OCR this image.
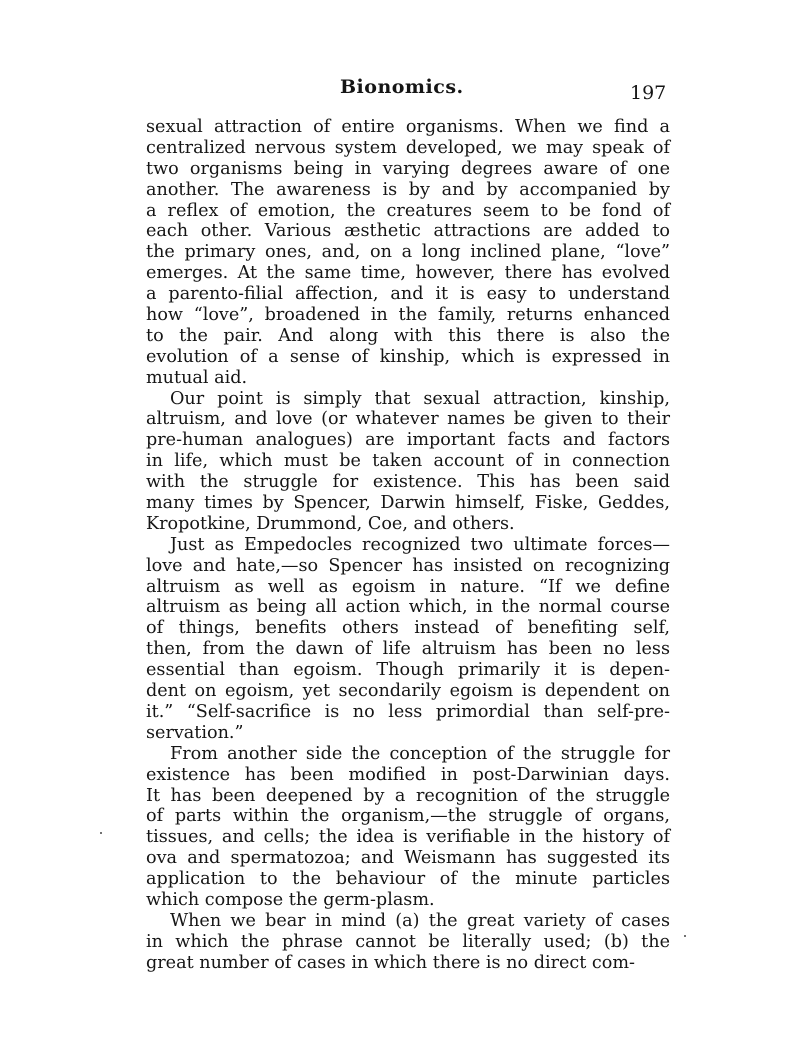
Bionomics.	197
sexual attraction of entire organisms. When we find a
centralized nervous system developed, we may speak of
two organisms being in varying degrees aware of one
another. The awareness is by and by accompanied by
a reflex of emotion, the creatures seem to be fond of
each other. Various æsthetic attractions are added to
the primary ones, and, on a long inclined plane, “love”
emerges. At the same time, however, there has evolved
a parento-filial affection, and it is easy to understand
how “love”, broadened in the family, returns enhanced
to the pair. And along with this there is also the
evolution of a sense of kinship, which is expressed in
mutual aid.
Our point is simply that sexual attraction, kinship,
altruism, and love (or whatever names be given to their
pre-human analogues) are important facts and factors
in life, which must be taken account of in connection
with the struggle for existence. This has been said
many times by Spencer, Darwin himself, Fiske, Geddes,
Kropotkine, Drummond, Coe, and others.
Just as Empedocles recognized two ultimate forces—
love and hate,—so Spencer has insisted on recognizing
altruism as well as egoism in nature. “If we define
altruism as being all action which, in the normal course
of things, benefits others instead of benefiting self,
then, from the dawn of life altruism has been no less
essential than egoism. Though primarily it is depen-
dent on egoism, yet secondarily egoism is dependent on
it.” “Self-sacrifice is no less primordial than self-pre-
servation.”
From another side the conception of the struggle for
existence has been modified in post-Darwinian days.
It has been deepened by a recognition of the struggle
of parts within the organism,—the struggle of organs,
tissues, and cells; the idea is verifiable in the history of
ova and spermatozoa; and Weismann has suggested its
application to the behaviour of the minute particles
which compose the germ-plasm.
When we bear in mind (a) the great variety of cases
in which the phrase cannot be literally used; (b) the
great number of cases in which there is no direct com-
